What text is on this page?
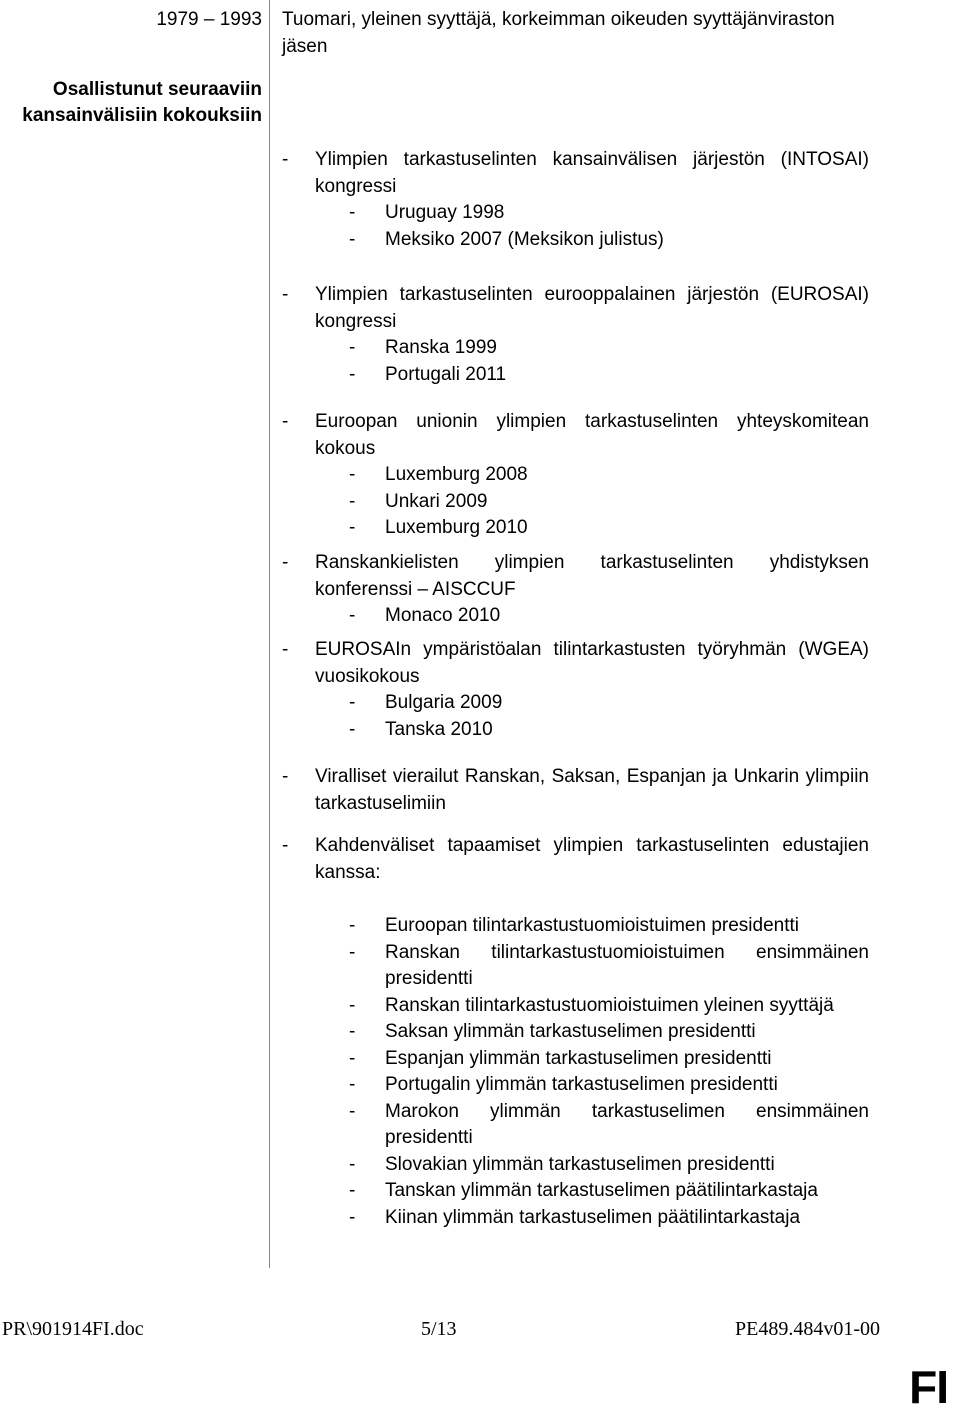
1979 – 1993
Osallistunut seuraaviin
kansainvälisiin kokouksiin
Tuomari, yleinen syyttäjä, korkeimman oikeuden syyttäjänviraston jäsen
- Ylimpien tarkastuselinten kansainvälisen järjestön (INTOSAI) kongressi
- Uruguay 1998
- Meksiko 2007 (Meksikon julistus)
- Ylimpien tarkastuselinten eurooppalainen järjestön (EUROSAI) kongressi
- Ranska 1999
- Portugali 2011
- Euroopan unionin ylimpien tarkastuselinten yhteyskomitean kokous
- Luxemburg 2008
- Unkari 2009
- Luxemburg 2010
- Ranskankielisten ylimpien tarkastuselinten yhdistyksen konferenssi – AISCCUF
- Monaco 2010
- EUROSAIn ympäristöalan tilintarkastusten työryhmän (WGEA) vuosikokous
- Bulgaria 2009
- Tanska 2010
- Viralliset vierailut Ranskan, Saksan, Espanjan ja Unkarin ylimpiin tarkastuselimiin
- Kahdenväliset tapaamiset ylimpien tarkastuselinten edustajien kanssa:
- Euroopan tilintarkastustuomioistuimen presidentti
- Ranskan tilintarkastustuomioistuimen ensimmäinen presidentti
- Ranskan tilintarkastustuomioistuimen yleinen syyttäjä
- Saksan ylimmän tarkastuselimen presidentti
- Espanjan ylimmän tarkastuselimen presidentti
- Portugalin ylimmän tarkastuselimen presidentti
- Marokon ylimmän tarkastuselimen ensimmäinen presidentti
- Slovakian ylimmän tarkastuselimen presidentti
- Tanskan ylimmän tarkastuselimen päätilintarkastaja
- Kiinan ylimmän tarkastuselimen päätilintarkastaja
PR\901914FI.doc	5/13	PE489.484v01-00
FI
